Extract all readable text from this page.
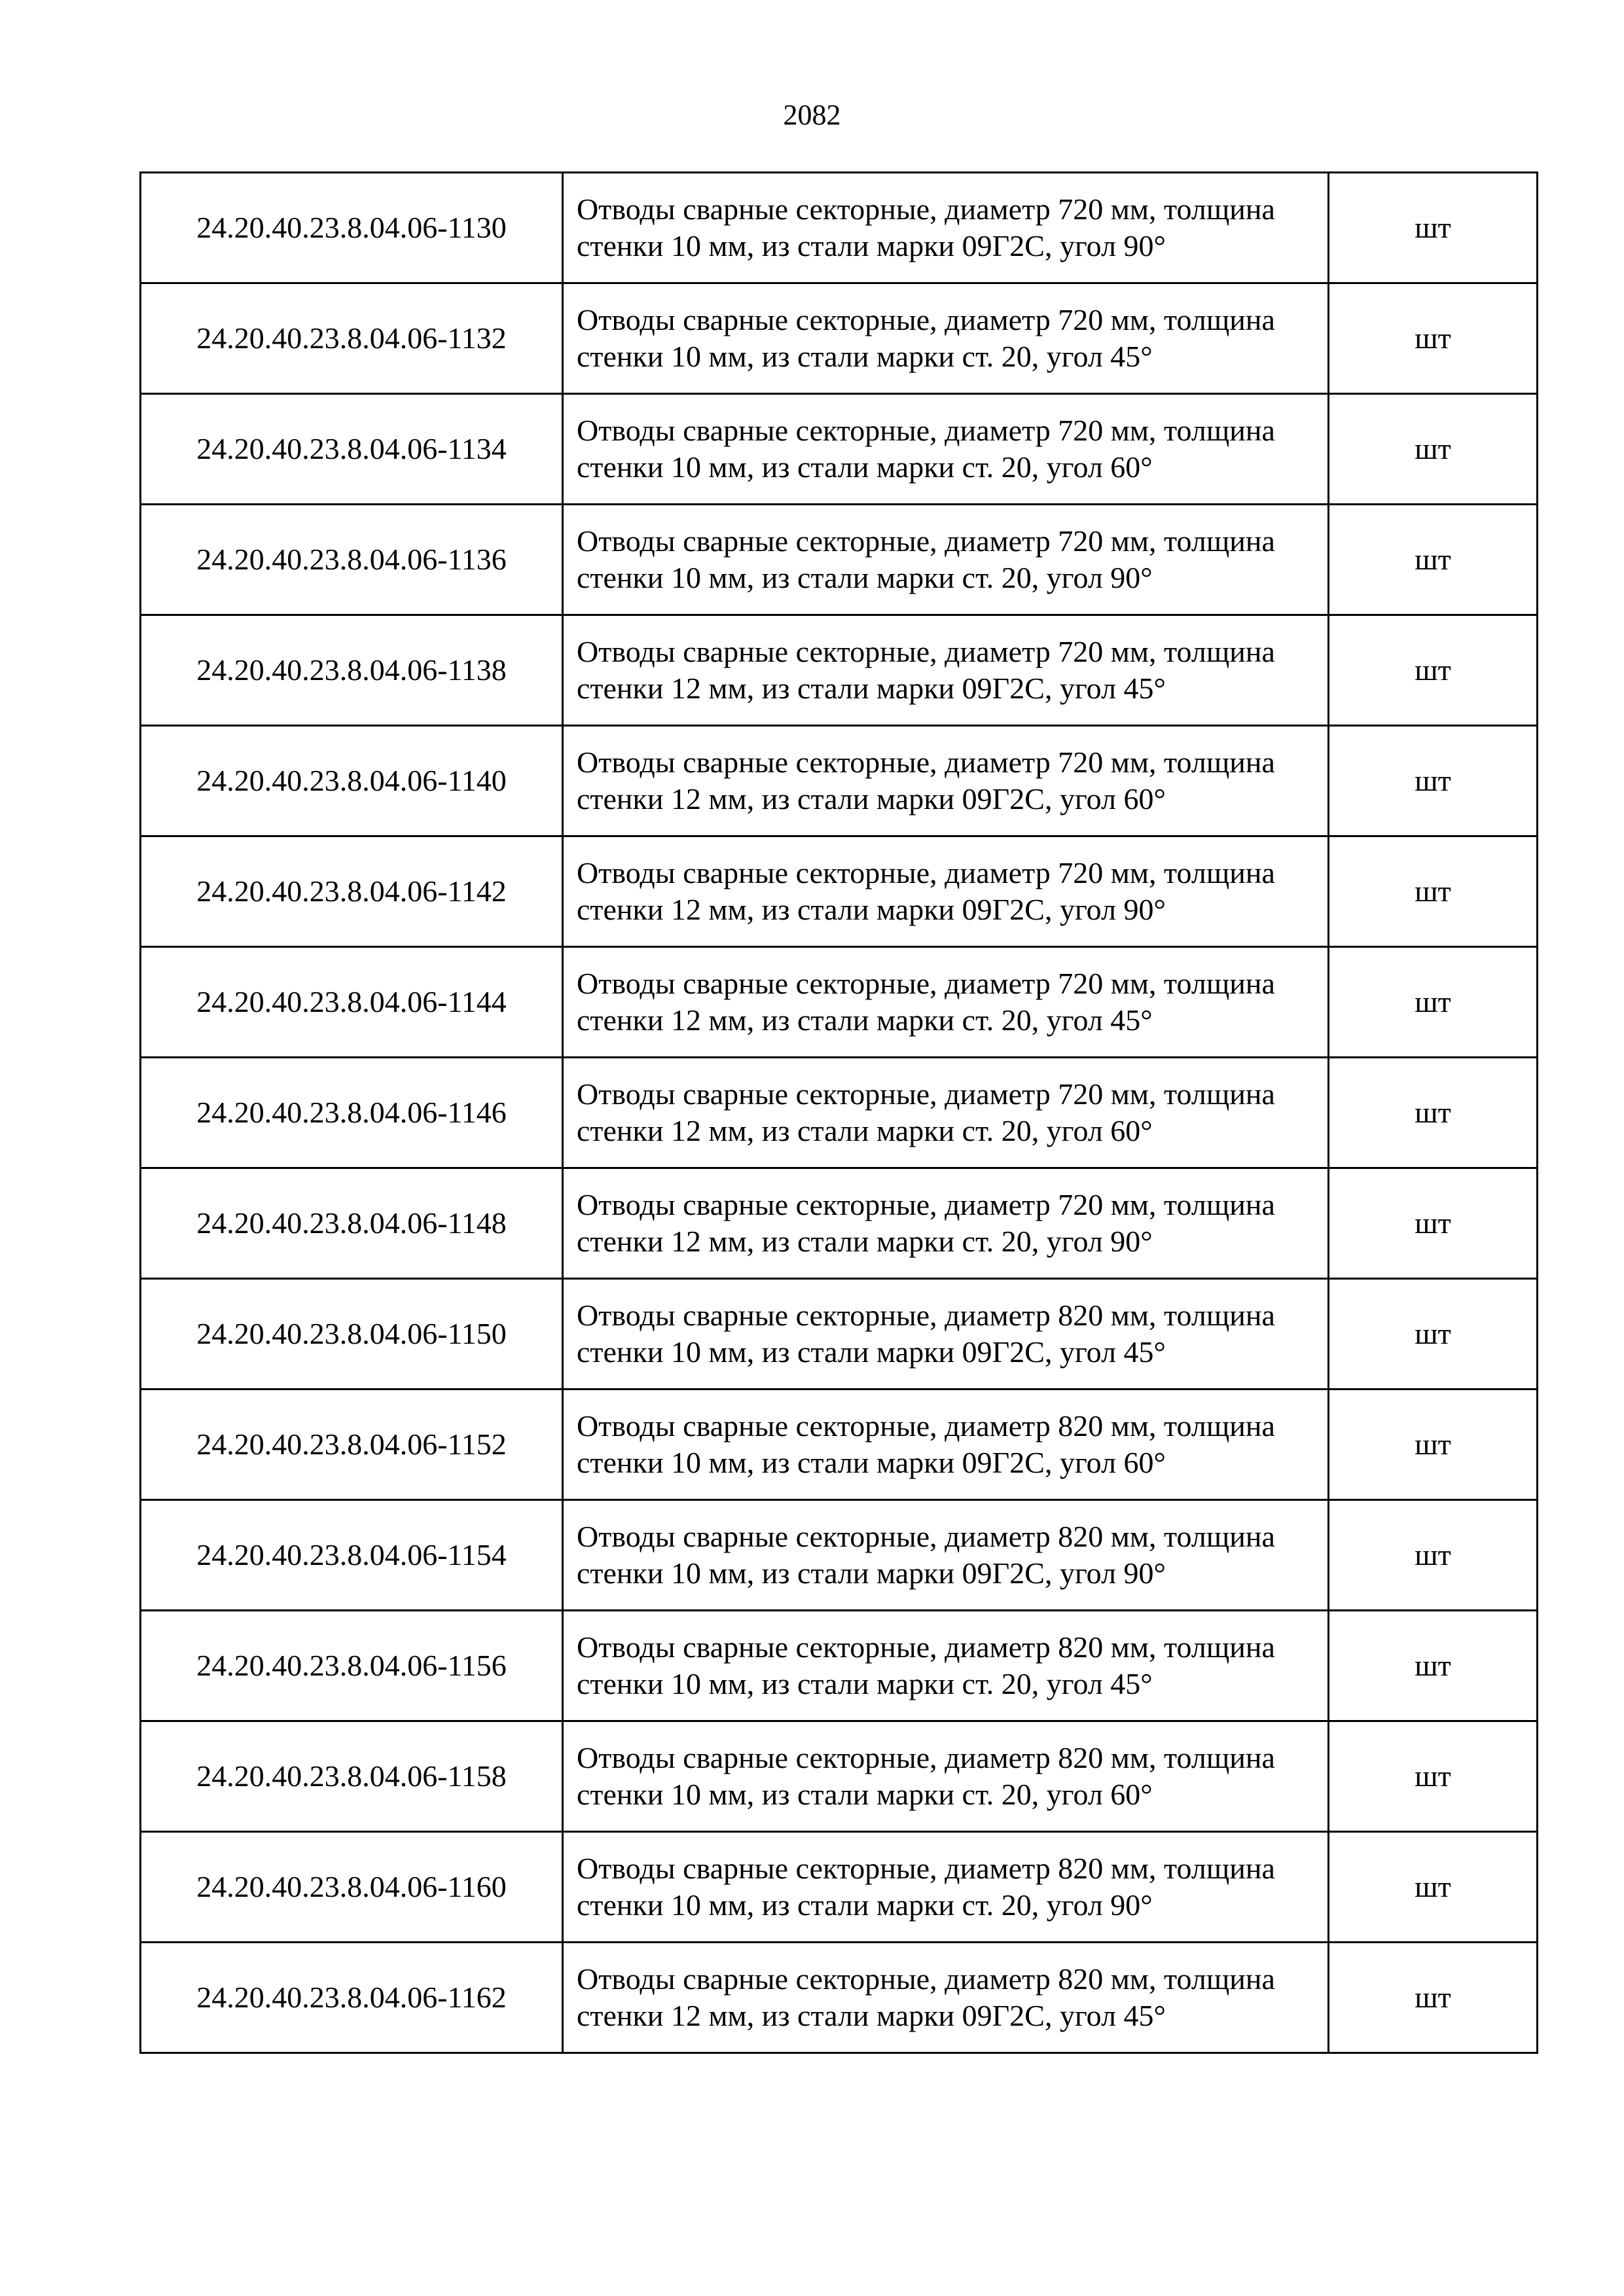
2082
24.20.40.23.8.04.06-1130	Отводы сварные секторные, диаметр 720 мм, толщина стенки 10 мм, из стали марки 09Г2С, угол 90°	шт
24.20.40.23.8.04.06-1132	Отводы сварные секторные, диаметр 720 мм, толщина стенки 10 мм, из стали марки ст. 20, угол 45°	шт
24.20.40.23.8.04.06-1134	Отводы сварные секторные, диаметр 720 мм, толщина стенки 10 мм, из стали марки ст. 20, угол 60°	шт
24.20.40.23.8.04.06-1136	Отводы сварные секторные, диаметр 720 мм, толщина стенки 10 мм, из стали марки ст. 20, угол 90°	шт
24.20.40.23.8.04.06-1138	Отводы сварные секторные, диаметр 720 мм, толщина стенки 12 мм, из стали марки 09Г2С, угол 45°	шт
24.20.40.23.8.04.06-1140	Отводы сварные секторные, диаметр 720 мм, толщина стенки 12 мм, из стали марки 09Г2С, угол 60°	шт
24.20.40.23.8.04.06-1142	Отводы сварные секторные, диаметр 720 мм, толщина стенки 12 мм, из стали марки 09Г2С, угол 90°	шт
24.20.40.23.8.04.06-1144	Отводы сварные секторные, диаметр 720 мм, толщина стенки 12 мм, из стали марки ст. 20, угол 45°	шт
24.20.40.23.8.04.06-1146	Отводы сварные секторные, диаметр 720 мм, толщина стенки 12 мм, из стали марки ст. 20, угол 60°	шт
24.20.40.23.8.04.06-1148	Отводы сварные секторные, диаметр 720 мм, толщина стенки 12 мм, из стали марки ст. 20, угол 90°	шт
24.20.40.23.8.04.06-1150	Отводы сварные секторные, диаметр 820 мм, толщина стенки 10 мм, из стали марки 09Г2С, угол 45°	шт
24.20.40.23.8.04.06-1152	Отводы сварные секторные, диаметр 820 мм, толщина стенки 10 мм, из стали марки 09Г2С, угол 60°	шт
24.20.40.23.8.04.06-1154	Отводы сварные секторные, диаметр 820 мм, толщина стенки 10 мм, из стали марки 09Г2С, угол 90°	шт
24.20.40.23.8.04.06-1156	Отводы сварные секторные, диаметр 820 мм, толщина стенки 10 мм, из стали марки ст. 20, угол 45°	шт
24.20.40.23.8.04.06-1158	Отводы сварные секторные, диаметр 820 мм, толщина стенки 10 мм, из стали марки ст. 20, угол 60°	шт
24.20.40.23.8.04.06-1160	Отводы сварные секторные, диаметр 820 мм, толщина стенки 10 мм, из стали марки ст. 20, угол 90°	шт
24.20.40.23.8.04.06-1162	Отводы сварные секторные, диаметр 820 мм, толщина стенки 12 мм, из стали марки 09Г2С, угол 45°	шт
